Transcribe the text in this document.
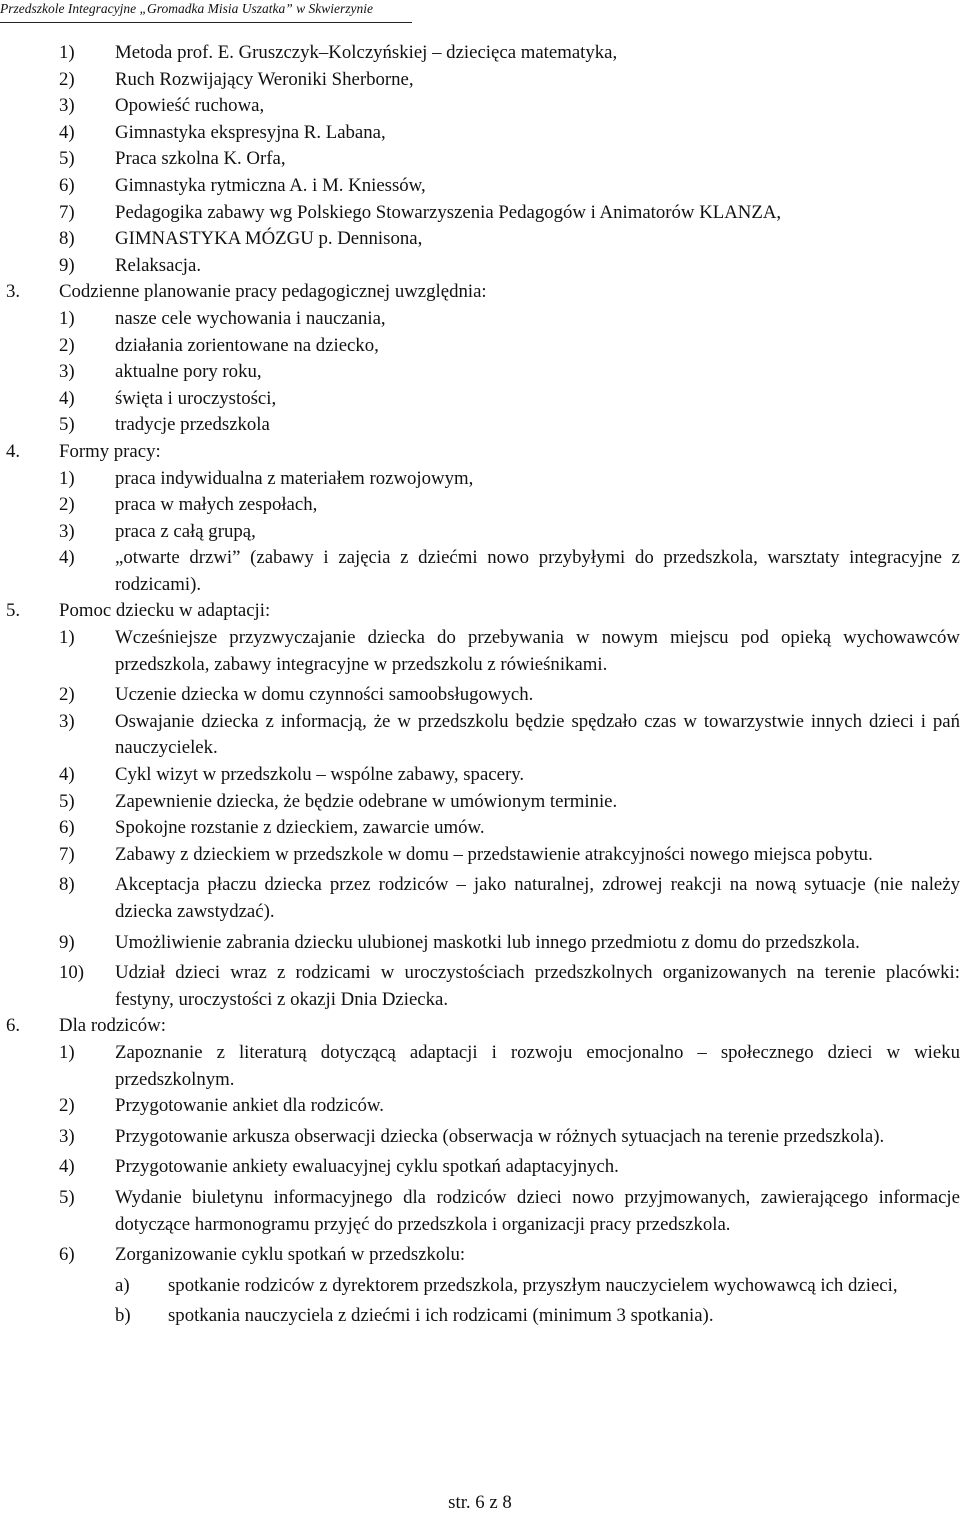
Przedszkole Integracyjne „Gromadka Misia Uszatka” w Skwierzynie
1) Metoda prof. E. Gruszczyk–Kolczyńskiej – dziecięca matematyka,
2) Ruch Rozwijający Weroniki Sherborne,
3) Opowieść ruchowa,
4) Gimnastyka ekspresyjna R. Labana,
5) Praca szkolna K. Orfa,
6) Gimnastyka rytmiczna A. i M. Kniessów,
7) Pedagogika zabawy wg Polskiego Stowarzyszenia Pedagogów i Animatorów KLANZA,
8) GIMNASTYKA MÓZGU p. Dennisona,
9) Relaksacja.
3. Codzienne planowanie pracy pedagogicznej uwzględnia:
1) nasze cele wychowania i nauczania,
2) działania zorientowane na dziecko,
3) aktualne pory roku,
4) święta i uroczystości,
5) tradycje przedszkola
4. Formy pracy:
1) praca indywidualna z materiałem rozwojowym,
2) praca w małych zespołach,
3) praca z całą grupą,
4) „otwarte drzwi” (zabawy i zajęcia z dziećmi nowo przybyłymi do przedszkola, warsztaty integracyjne z rodzicami).
5. Pomoc dziecku w adaptacji:
1) Wcześniejsze przyzwyczajanie dziecka do przebywania w nowym miejscu pod opieką wychowawców przedszkola, zabawy integracyjne w przedszkolu z rówieśnikami.
2) Uczenie dziecka w domu czynności samoobsługowych.
3) Oswajanie dziecka z informacją, że w przedszkolu będzie spędzało czas w towarzystwie innych dzieci i pań nauczycielek.
4) Cykl wizyt w przedszkolu – wspólne zabawy, spacery.
5) Zapewnienie dziecka, że będzie odebrane w umówionym terminie.
6) Spokojne rozstanie z dzieckiem, zawarcie umów.
7) Zabawy z dzieckiem w przedszkole w domu – przedstawienie atrakcyjności nowego miejsca pobytu.
8) Akceptacja płaczu dziecka przez rodziców – jako naturalnej, zdrowej reakcji na nową sytuacje (nie należy dziecka zawstydzać).
9) Umożliwienie zabrania dziecku ulubionej maskotki lub innego przedmiotu z domu do przedszkola.
10) Udział dzieci wraz z rodzicami w uroczystościach przedszkolnych organizowanych na terenie placówki: festyny, uroczystości z okazji Dnia Dziecka.
6. Dla rodziców:
1) Zapoznanie z literaturą dotyczącą adaptacji i rozwoju emocjonalno – społecznego dzieci w wieku przedszkolnym.
2) Przygotowanie ankiet dla rodziców.
3) Przygotowanie arkusza obserwacji dziecka (obserwacja w różnych sytuacjach na terenie przedszkola).
4) Przygotowanie ankiety ewaluacyjnej cyklu spotkań adaptacyjnych.
5) Wydanie biuletynu informacyjnego dla rodziców dzieci nowo przyjmowanych, zawierającego informacje dotyczące harmonogramu przyjęć do przedszkola i organizacji pracy przedszkola.
6) Zorganizowanie cyklu spotkań w przedszkolu:
a) spotkanie rodziców z dyrektorem przedszkola, przyszłym nauczycielem wychowawcą ich dzieci,
b) spotkania nauczyciela z dziećmi i ich rodzicami (minimum 3 spotkania).
str. 6 z 8
